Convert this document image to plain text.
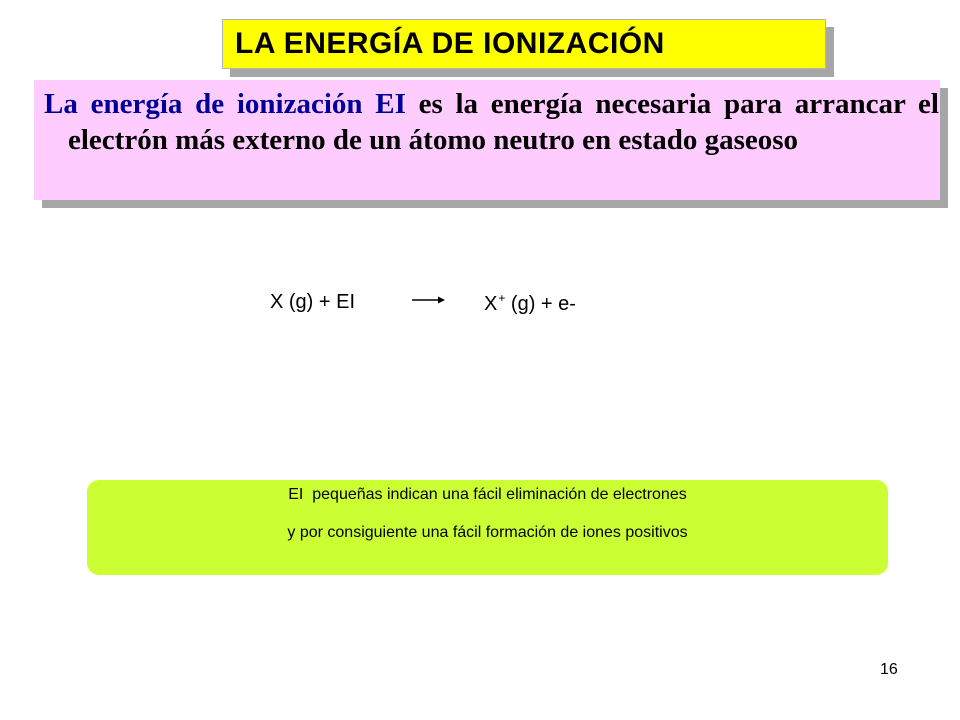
LA ENERGÍA DE IONIZACIÓN
La energía de ionización EI es la energía necesaria para arrancar el electrón más externo de un átomo neutro en estado gaseoso
X (g) + EI	X+ (g) + e-
EI  pequeñas indican una fácil eliminación de electrones
y por consiguiente una fácil formación de iones positivos
16
